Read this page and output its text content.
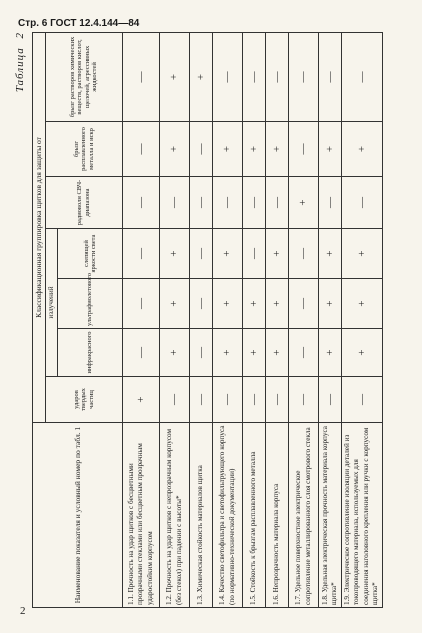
Стр. 6 ГОСТ 12.4.144—84
2
Таблица 2
Наименование показателя и условный номер по табл. 1	Классификационная группировка щитков для защиты от						
	ударов твердых частиц	излучений			радиоволн СВЧ-диапазона	брызг расплавленного металла и искр	брызг растворов химических веществ, растворов кислот, щелочей, агрессивных жидкостей
		инфракрасного	ультрафиолетового	слепящей яркости света			
1.1. Прочность на удар щитков с бесцветными прозрачными стеклами или бесцветным прозрачным ударостойким корпусом	+	—	—	—	—	—	—
1.2. Прочность на удар щитков с непрозрачным корпусом (без стекол) при падении с высоты*	—	+	+	+	—	+	+
1.3. Химическая стойкость материалов щитка	—	—	—	—	—	—	+
1.4. Качество светофильтра и светофильтрующего корпуса (по нормативно-технической документации)	—	+	+	+	—	+	—
1.5. Стойкость к брызгам расплавленного металла	—	+	+	—	—	+	—
1.6. Непрозрачность материала корпуса	—	+	+	+	—	+	—
1.7. Удельное поверхностное электрическое сопротивление металлированного слоя смотрового стекла	—	—	—	—	+	—	—
1.8. Удельная электрическая прочность материала корпуса щитка*	—	+	+	+	—	+	—
1.9. Электрическое сопротивление изоляции деталей из токопроводящего материала, используемых для соединения наголовного крепления или ручки с корпусом щитка*	—	+	+	+	—	+	—
